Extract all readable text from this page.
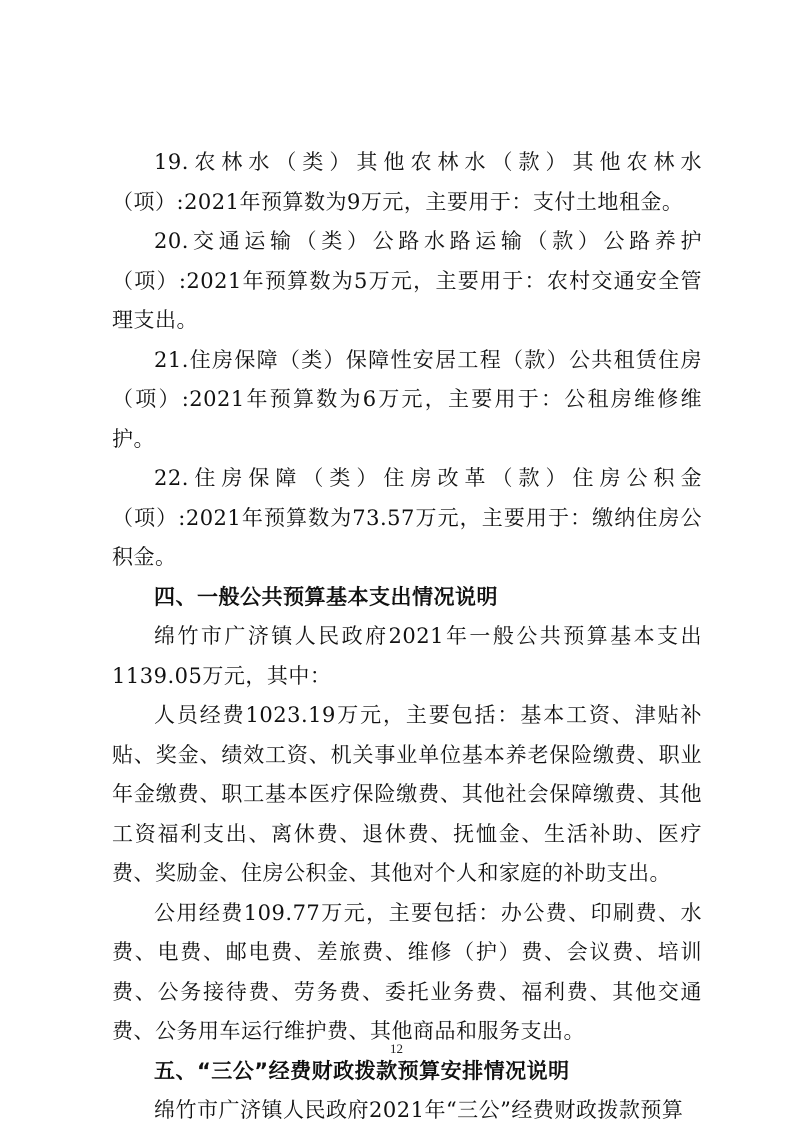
19.农林水（类）其他农林水（款）其他农林水（项）:2021年预算数为9万元，主要用于：支付土地租金。

20.交通运输（类）公路水路运输（款）公路养护（项）:2021年预算数为5万元，主要用于：农村交通安全管理支出。

21.住房保障（类）保障性安居工程（款）公共租赁住房（项）:2021年预算数为6万元，主要用于：公租房维修维护。

22.住房保障（类）住房改革（款）住房公积金（项）:2021年预算数为73.57万元，主要用于：缴纳住房公积金。

四、一般公共预算基本支出情况说明

绵竹市广济镇人民政府2021年一般公共预算基本支出1139.05万元，其中：

人员经费1023.19万元，主要包括：基本工资、津贴补贴、奖金、绩效工资、机关事业单位基本养老保险缴费、职业年金缴费、职工基本医疗保险缴费、其他社会保障缴费、其他工资福利支出、离休费、退休费、抚恤金、生活补助、医疗费、奖励金、住房公积金、其他对个人和家庭的补助支出。

公用经费109.77万元，主要包括：办公费、印刷费、水费、电费、邮电费、差旅费、维修（护）费、会议费、培训费、公务接待费、劳务费、委托业务费、福利费、其他交通费、公务用车运行维护费、其他商品和服务支出。

五、“三公”经费财政拨款预算安排情况说明

绵竹市广济镇人民政府2021年“三公”经费财政拨款预算

12
